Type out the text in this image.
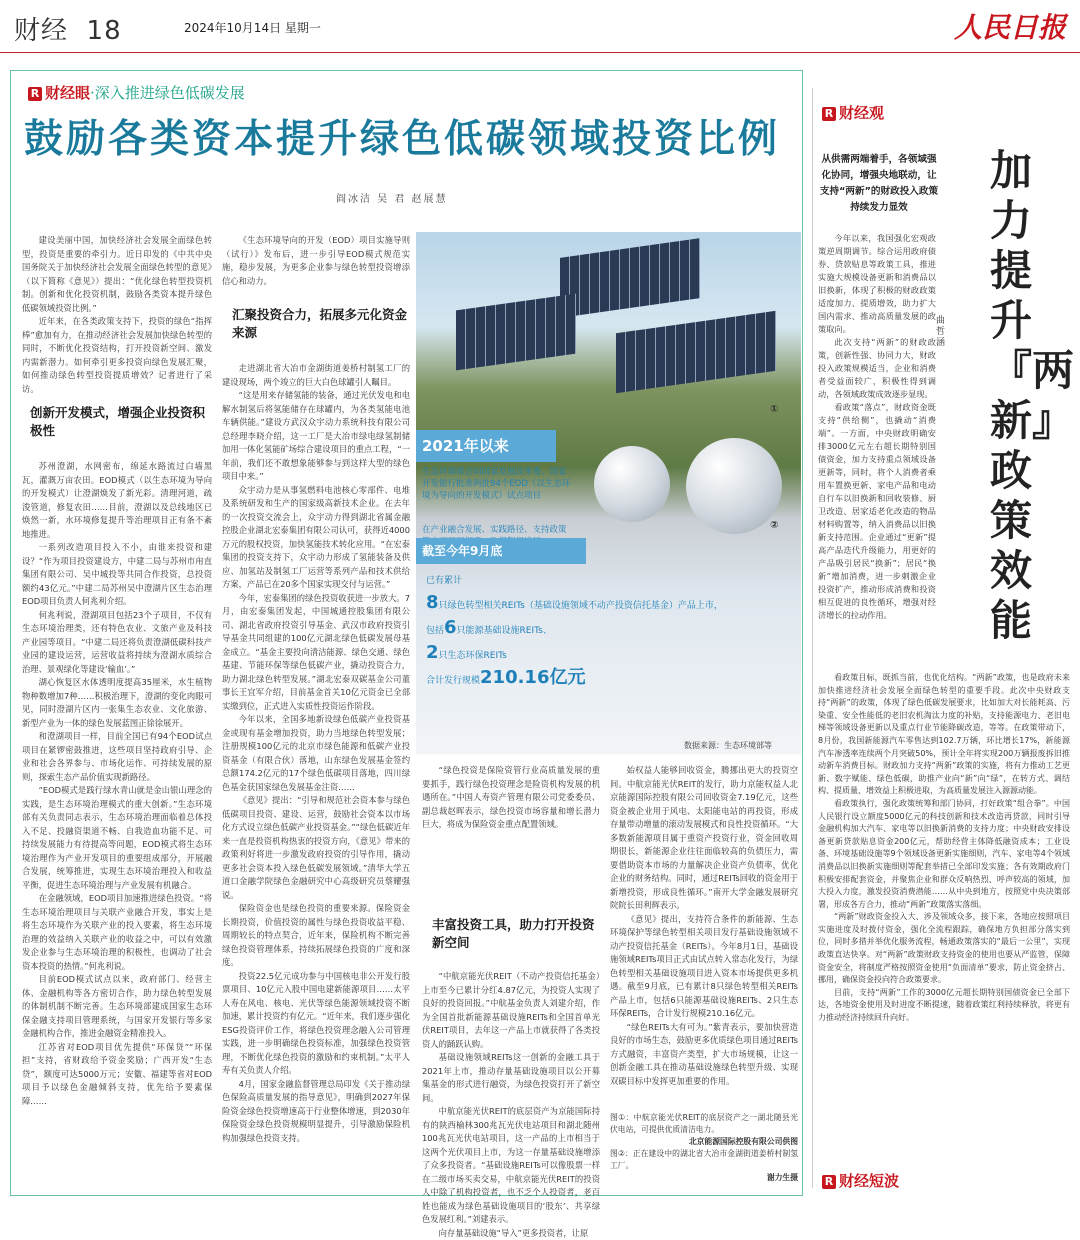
财经 18	2024年10月14日 星期一	人民日报
R 财经眼·深入推进绿色低碳发展
鼓励各类资本提升绿色低碳领域投资比例
阎冰洁 吴 君 赵展慧

建设美丽中国，加快经济社会发展全面绿色转型，投资是重要的牵引力。近日印发的《中共中央国务院关于加快经济社会发展全面绿色转型的意见》（以下简称《意见》）提出：“优化绿色转型投资机制。创新和优化投资机制，鼓励各类资本提升绿色低碳领域投资比例。”

近年来，在各类政策支持下，投资的绿色“指挥棒”愈加有力，在推动经济社会发展加快绿色转型的同时，不断优化投资结构，打开投资新空间、激发内需新潜力。如何牵引更多投资向绿色发展汇聚，如何推动绿色转型投资提质增效？记者进行了采访。

创新开发模式，增强企业投资积极性

苏州澄湖，水网密布，绵延水路流过白墙黑瓦，灌溉万亩农田。EOD模式（以生态环境为导向的开发模式）让澄湖焕发了新光彩。清理河道，疏浚管道，修复农田……目前，澄湖以及总线地区已焕然一新，水环境修复提升等治理项目正有条不紊地推进。

一系列改造项目投入不小，由谁来投资和建设？“作为项目投资建设方，中建二局与苏州市甪直集团有限公司、吴中城投等共同合作投资，总投资额约43亿元。”中建二局苏州吴中澄湖片区生态治理EOD项目负责人何兆利介绍。

何兆利说，澄湖项目包括23个子项目，不仅有生态环境治理类，还有特色农业、文旅产业及科技产业园等项目。“中建二局还将负责澄湖低碳科技产业园的建设运营，运营收益将持续为澄湖水质综合治理、景观绿化等建设‘输血’。”

湖心恢复区水体透明度提高35厘米，水生植物物种数增加7种……积极治理下，澄湖的变化肉眼可见，同时澄湖片区内一张集生态农业、文化旅游、新型产业为一体的绿色发展蓝图正徐徐展开。

和澄湖项目一样，目前全国已有94个EOD试点项目在紧锣密鼓推进，这些项目坚持政府引导、企业和社会各界参与、市场化运作、可持续发展的原则，探索生态产品价值实现新路径。

“EOD模式是践行绿水青山就是金山银山理念的实践，是生态环境治理模式的重大创新。”生态环境部有关负责同志表示，生态环境治理面临着总体投入不足、投融资渠道不畅、自我造血功能不足、可持续发展能力有待提高等问题，EOD模式将生态环境治理作为产业开发项目的重要组成部分，开展融合发展，统筹推进，实现生态环境治理投入和收益平衡，促进生态环境治理与产业发展有机融合。

在金融领域，EOD项目加速推进绿色投资。“将生态环境治理项目与关联产业融合开发，事实上是将生态环境作为关联产业的投入要素，将生态环境治理的效益纳入关联产业的收益之中，可以有效激发企业参与生态环境治理的积极性，也调动了社会资本投资的热情。”何兆利说。

目前EOD模式试点以来，政府部门、经营主体、金融机构等各方密切合作，助力绿色转型发展的体制机制不断完善。生态环境部建成国家生态环保金融支持项目管理系统，与国家开发银行等多家金融机构合作，推进金融资金精准投入。

江苏省对EOD项目优先提供“环保贷”“环保担”支持，省财政给予资金奖励；广西开发“生态贷”，额度可达5000万元；安徽、福建等省对EOD项目予以绿色金融倾斜支持，优先给予要素保障……

《生态环境导向的开发（EOD）项目实施导则（试行）》发布后，进一步引导EOD模式规范实施，稳步发展，为更多企业参与绿色转型投资增添信心和动力。

汇聚投资合力，拓展多元化资金来源

走进湖北省大冶市金湖街道姜桥村制氢工厂的建设现场，两个竣立的巨大白色球罐引人瞩目。

“这是用来存储氢能的装备，通过光伏发电和电解水制氢后将氢能储存在球罐内，为各类氢能电池车辆供能。”建设方武汉众宇动力系统科技有限公司总经理李晓介绍，这一工厂是大冶市绿电绿氢制储加用一体化氢能矿场综合建设项目的重点工程，“一年前，我们还不敢想象能够参与到这样大型的绿色项目中来。”

众宇动力是从事氢燃料电池核心零部件、电堆及系统研发和生产的国家级高新技术企业。在去年的一次投资交流会上，众宇动力得到湖北省属金融控股企业湖北宏泰集团有限公司认可，获得近4000万元的股权投资，加快氢能技术转化应用。“在宏泰集团的投资支持下，众宇动力形成了氢能装备及供应、加氢站及制氢工厂运营等系列产品和技术供给方案，产品已在20多个国家实现交付与运营。”

今年，宏泰集团的绿色投资收获进一步放大。7月，由宏泰集团发起，中国城通控股集团有限公司、湖北省政府投资引导基金、武汉市政府投资引导基金共同组建的100亿元湖北绿色低碳发展母基金成立。“基金主要投向清洁能源、绿色交通、绿色基建、节能环保等绿色低碳产业，撬动投资合力，助力湖北绿色转型发展。”湖北宏泰双碳基金公司董事长王宜军介绍，目前基金首关10亿元资金已全部实缴到位，正式进入实质性投资运作阶段。

今年以来，全国多地新设绿色低碳产业投资基金或现有基金增加投资，助力当地绿色转型发展；注册规模100亿元的北京市绿色能源和低碳产业投资基金（有限合伙）落地，山东绿色发展基金签约总额174.2亿元的17个绿色低碳项目落地，四川绿色基金获国家绿色发展基金注资……

《意见》提出：“引导和规范社会资本参与绿色低碳项目投资、建设、运营，鼓励社会资本以市场化方式设立绿色低碳产业投资基金。”“绿色低碳近年来一直是投资机构热衷的投资方向，《意见》带来的政策利好将进一步激发政府投资的引导作用，撬动更多社会资本投入绿色低碳发展领域。”清华大学五道口金融学院绿色金融研究中心高级研究员蔡耀强说。

保险资金也是绿色投资的重要来源。保险资金长期投资，价值投资的属性与绿色投资收益平稳、周期较长的特点契合，近年来，保险机构不断完善绿色投资管理体系，持续拓展绿色投资的广度和深度。

投资22.5亿元成功参与中国核电非公开发行股票项目、10亿元入股中国电建新能源项目……太平人寿在风电、核电、光伏等绿色能源领域投资不断加速，累计投资约有亿元。“近年来，我们逐步强化ESG投资评价工作，将绿色投资理念融入公司管理实践，进一步明确绿色投资标准，加强绿色投资管理，不断优化绿色投资的激励和约束机制。”太平人寿有关负责人介绍。

4月，国家金融监督管理总局印发《关于推动绿色保险高质量发展的指导意见》，明确到2027年保险资金绿色投资增速高于行业整体增速，到2030年保险资金绿色投资规模明显提升，引导激励保险机构加强绿色投资支持。

①
②
2021年以来
生态环境部会同国家发展改革委、国家开发银行批准两批94个EOD（以生态环境为导向的开发模式）试点项目
在产业融合发展、实践路径、支持政策
截至今年9月底
已有累计
8只绿色转型相关REITs（基础设施领域不动产投资信托基金）产品上市，
包括6只能源基础设施REITs、
2只生态环保REITs
合计发行规模210.16亿元
数据来源：生态环境部等

“绿色投资是保险资管行业高质量发展的重要抓手，践行绿色投资理念是险资机构发展的机遇所在。”中国人寿资产管理有限公司党委委员、副总裁赵晖表示，绿色投资市场容量和增长潜力巨大，将成为保险资金重点配置领域。

丰富投资工具，助力打开投资新空间

“中航京能光伏REIT（不动产投资信托基金）上市至今已累计分红4.87亿元，为投资人实现了良好的投资回报。”中航基金负责人刘建介绍，作为全国首批新能源基础设施REITs和全国首单光伏REIT项目，去年这一产品上市就获得了各类投资人的踊跃认购。

基础设施领域REITs这一创新的金融工具于2021年上市，推动存量基础设施项目以公开募集基金的形式进行融资，为绿色投资打开了新空间。

中航京能光伏REIT的底层资产为京能国际持有的陕西榆林300兆瓦光伏电站项目和湖北随州100兆瓦光伏电站项目，这一产品的上市相当于这两个光伏项目上市，为这一存量基础设施增添了众多投资者。“基础设施REITs可以像股票一样在二级市场买卖交易，中航京能光伏REIT的投资人中除了机构投资者，也不乏个人投资者，老百姓也能成为绿色基础设施项目的‘股东’、共享绿色发展红利。”刘建表示。

向存量基础设施“导入”更多投资者，让原

始权益人能够回收资金，腾挪出更大的投资空间。中航京能光伏REIT的发行，助力京能权益人北京能源国际控股有限公司回收资金7.19亿元，这些资金被企业用于风电、太阳能电站的再投资，形成存量带动增量的滚动发展模式和良性投资循环。“大多数新能源项目属于重资产投资行业，资金回收周期很长，新能源企业往往面临较高的负债压力，需要借助资本市场的力量解决企业资产负债率，优化企业的财务结构。同时，通过REITs回收的资金用于新增投资，形成良性循环。”南开大学金融发展研究院院长田利辉表示。

《意见》提出，支持符合条件的新能源、生态环境保护等绿色转型相关项目发行基础设施领域不动产投资信托基金（REITs）。今年8月1日，基础设施领域REITs项目正式由试点转入常态化发行，为绿色转型相关基础设施项目进入资本市场提供更多机遇。截至9月底，已有累计8只绿色转型相关REITs产品上市，包括6只能源基础设施REITs、2只生态环保REITs，合计发行规模210.16亿元。

“绿色REITs大有可为。”紫青表示，要加快营造良好的市场生态，鼓励更多优质绿色项目通过REITs方式融资，丰富资产类型，扩大市场规模，让这一创新金融工具在推动基础设施绿色转型升级、实现双碳目标中发挥更加重要的作用。

图①：中航京能光伏REIT的底层资产之一湖北随县光伏电站，可提供优质清洁电力。
北京能源国际控股有限公司供图
图②：正在建设中的湖北省大冶市金湖街道姜桥村制氢工厂。
谢力生摄
R 财经观
从供需两端着手，各领域强化协同，增强央地联动，让支持“两新”的财政投入政策持续发力显效
加力提升『两新』政策效能
曲哲涵

今年以来，我国强化宏观政策逆周期调节。综合运用政府债券、贷款贴息等政策工具，推进实施大规模设备更新和消费品以旧换新，体现了积极的财政政策适度加力、提质增效，助力扩大国内需求、推动高质量发展的政策取向。

此次支持“两新”的财政政策，创新性强、协同力大，财政投入政策规模适当，企业和消费者受益面较广，积极性得到调动，各领域政策成效逐步显现。

看政策“落点”，财政资金既支持“供给侧”，也撬动“消费端”。一方面，中央财政明确安排3000亿元左右超长期特别国债资金，加力支持重点领域设备更新等，同时，将个人消费者乘用车置换更新、家电产品和电动自行车以旧换新和回收装修、厨卫改造、居家适老化改造的物品材料购置等，纳入消费品以旧换新支持范围。企业通过“更新”提高产品迭代升级能力，用更好的产品吸引居民“换新”；居民“换新”增加消费，进一步刺激企业投资扩产，推动形成消费和投资相互促进的良性循环，增强对经济增长的拉动作用。

看政策目标，既抓当前，也优化结构。“两新”政策，也是政府未来加快推进经济社会发展全面绿色转型的重要手段。此次中央财政支持“两新”的政策，体现了绿色低碳发展要求，比如加大对长能耗高、污染重、安全性能低的老旧农机淘汰力度的补贴，支持能源电力、老旧电梯等领域设备更新以及重点行业节能降碳改造，等等。在政策带动下，8月份，我国新能源汽车零售达到102.7万辆，环比增长17%，新能源汽车渗透率连续两个月突破50%，预计全年将实现200万辆报废拆旧推动新车消费目标。财政加力支持“两新”政策的实施，将有力推动工艺更新、数字赋能、绿色低碳，助推产业向“新”向“绿”，在转方式、调结构、提质量、增效益上积极进取，为高质量发展注入源源动能。

看政策执行，强化政策统筹和部门协同，打好政策“组合拳”。中国人民银行设立额度5000亿元的科技创新和技术改造再贷款，同时引导金融机构加大汽车、家电等以旧换新消费的支持力度；中央财政安排设备更新贷款贴息资金200亿元，帮助经营主体降低融资成本；工业设备、环境基础设施等9个领域设备更新实施细则，汽车、家电等4个领域消费品以旧换新实施细则等配套举措已全部印发实施；各有效期政府门积极安排配套资金，并聚焦企业和群众反响热烈、呼声较高的领域，加大投入力度，激发投资消费潜能……从中央到地方，按照党中央决策部署，形成各方合力，推动“两新”政策落实落细。

“两新”财政资金投入大、涉及领域众多，接下来，各地应按照项目实施进度及时拨付资金，强化全流程跟踪，确保地方负担部分落实到位，同时多措并举优化服务流程，畅通政策落实的“最后一公里”，实现政策直达快享。对“两新”政策财政支持资金的使用也要从严监管，保障资金安全，将制度严格按照资金使用“负面清单”要求，防止资金挤占、挪用，确保资金投向符合政策要求。

目前，支持“两新”工作的3000亿元超长期特别国债资金已全部下达，各地资金使用及时进度不断提速，随着政策红利持续释放，将更有力推动经济持续回升向好。

R 财经短波
